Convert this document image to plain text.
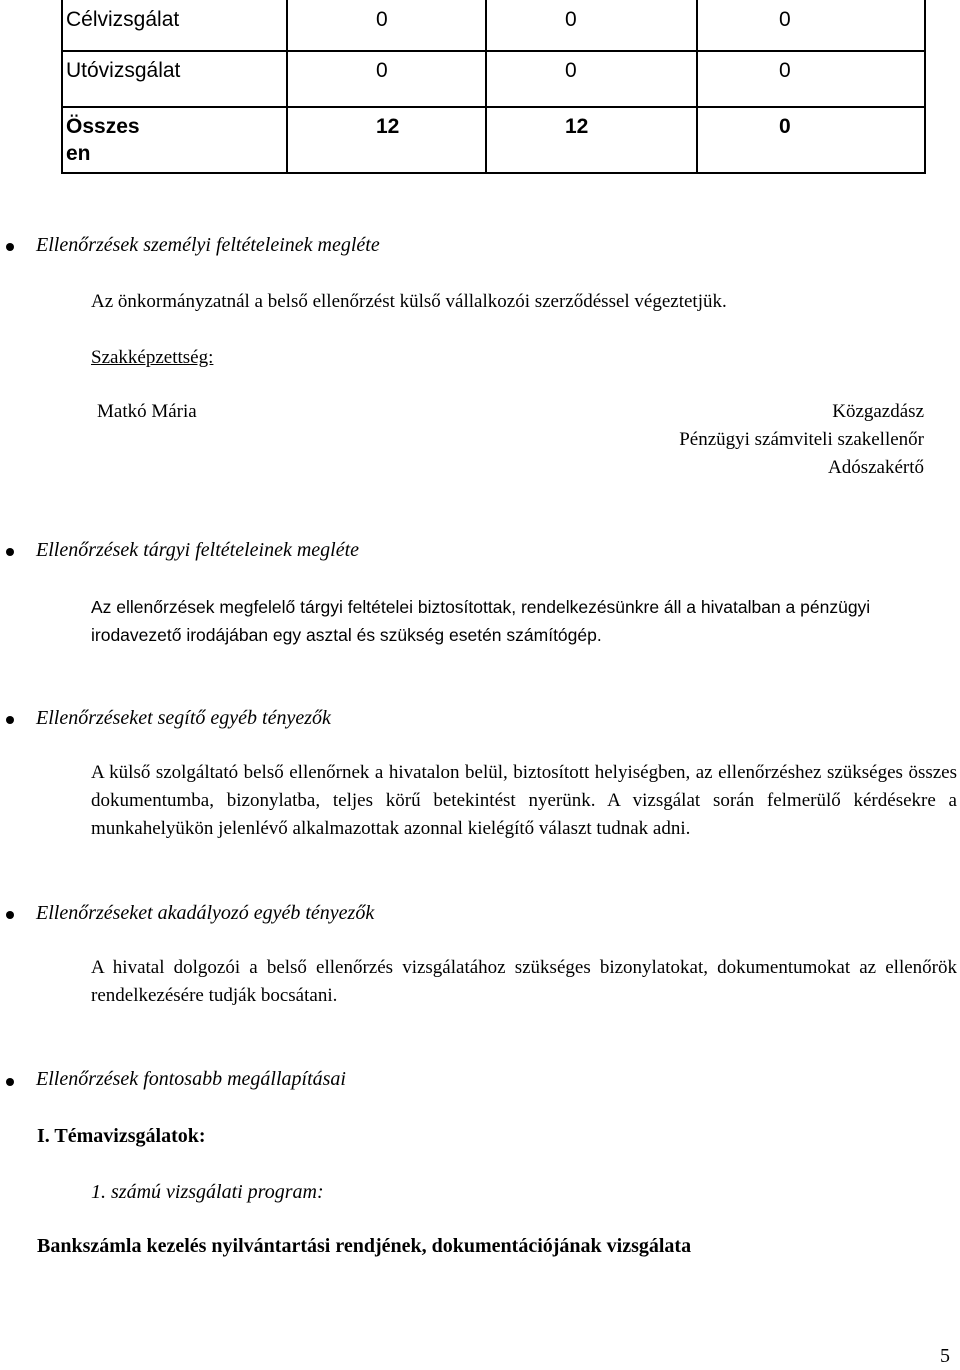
Célvizsgálat	0	0	0
Utóvizsgálat	0	0	0
Összes en	12	12	0
Ellenőrzések személyi feltételeinek megléte
Az önkormányzatnál a belső ellenőrzést külső vállalkozói szerződéssel végeztetjük.
Szakképzettség:
Matkó Mária	Közgazdász
Pénzügyi számviteli szakellenőr
Adószakértő
Ellenőrzések tárgyi feltételeinek megléte
Az ellenőrzések megfelelő tárgyi feltételei biztosítottak, rendelkezésünkre áll a hivatalban a pénzügyi irodavezető irodájában egy asztal és szükség esetén számítógép.
Ellenőrzéseket segítő egyéb tényezők
A külső szolgáltató belső ellenőrnek a hivatalon belül, biztosított helyiségben, az ellenőrzéshez szükséges összes dokumentumba, bizonylatba, teljes körű betekintést nyerünk. A vizsgálat során felmerülő kérdésekre a munkahelyükön jelenlévő alkalmazottak azonnal kielégítő választ tudnak adni.
Ellenőrzéseket akadályozó egyéb tényezők
A hivatal dolgozói a belső ellenőrzés vizsgálatához szükséges bizonylatokat, dokumentumokat az ellenőrök rendelkezésére tudják bocsátani.
Ellenőrzések fontosabb megállapításai
I. Témavizsgálatok:
1. számú vizsgálati program:
Bankszámla kezelés nyilvántartási rendjének, dokumentációjának vizsgálata
5
